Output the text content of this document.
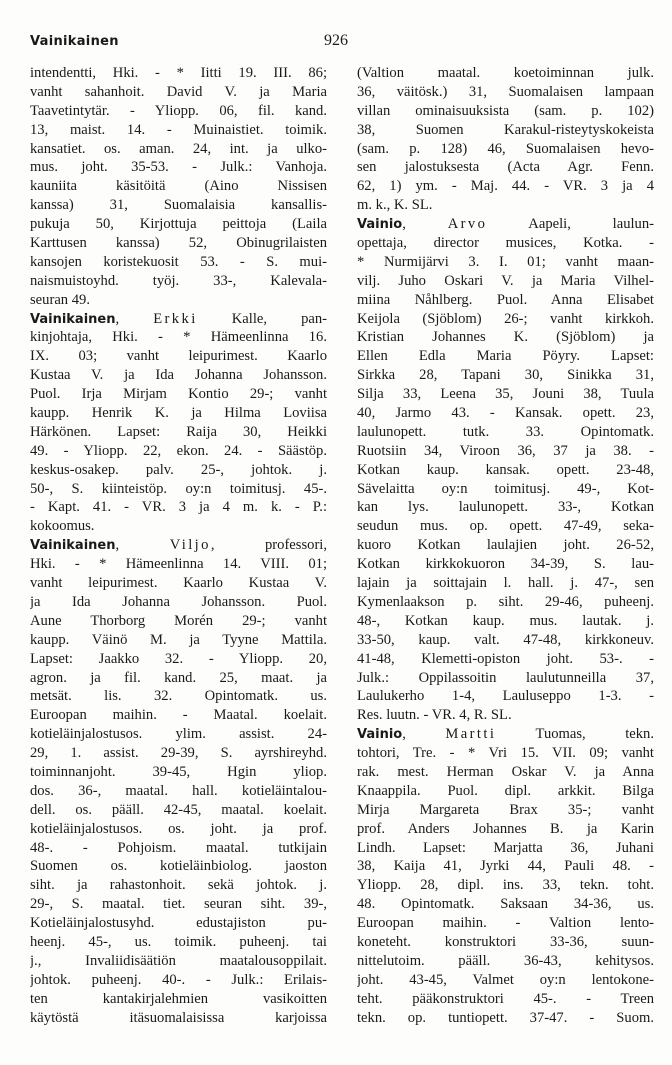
Vainikainen	926
intendentti, Hki. - * Iitti 19. III. 86;
vanht sahanhoit. David V. ja Maria
Taavetintytär. - Yliopp. 06, fil. kand.
13, maist. 14. - Muinaistiet. toimik.
kansatiet. os. aman. 24, int. ja ulko-
mus. joht. 35-53. - Julk.: Vanhoja.
kauniita käsitöitä (Aino Nissisen
kanssa) 31, Suomalaisia kansallis-
pukuja 50, Kirjottuja peittoja (Laila
Karttusen kanssa) 52, Obinugrilaisten
kansojen koristekuosit 53. - S. mui-
naismuistoyhd. työj. 33-, Kalevala-
seuran 49.
Vainikainen, Erkki Kalle, pan-
kinjohtaja, Hki. - * Hämeenlinna 16.
IX. 03; vanht leipurimest. Kaarlo
Kustaa V. ja Ida Johanna Johansson.
Puol. Irja Mirjam Kontio 29-; vanht
kaupp. Henrik K. ja Hilma Loviisa
Härkönen. Lapset: Raija 30, Heikki
49. - Yliopp. 22, ekon. 24. - Säästöp.
keskus-osakep. palv. 25-, johtok. j.
50-, S. kiinteistöp. oy:n toimitusj. 45-.
- Kapt. 41. - VR. 3 ja 4 m. k. - P.:
kokoomus.
Vainikainen, Viljo, professori,
Hki. - * Hämeenlinna 14. VIII. 01;
vanht leipurimest. Kaarlo Kustaa V.
ja Ida Johanna Johansson. Puol.
Aune Thorborg Morén 29-; vanht
kaupp. Väinö M. ja Tyyne Mattila.
Lapset: Jaakko 32. - Yliopp. 20,
agron. ja fil. kand. 25, maat. ja
metsät. lis. 32. Opintomatk. us.
Euroopan maihin. - Maatal. koelait.
kotieläinjalostusos. ylim. assist. 24-
29, 1. assist. 29-39, S. ayrshireyhd.
toiminnanjoht. 39-45, Hgin yliop.
dos. 36-, maatal. hall. kotieläintalou-
dell. os. pääll. 42-45, maatal. koelait.
kotieläinjalostusos. os. joht. ja prof.
48-. - Pohjoism. maatal. tutkijain
Suomen os. kotieläinbiolog. jaoston
siht. ja rahastonhoit. sekä johtok. j.
29-, S. maatal. tiet. seuran siht. 39-,
Kotieläinjalostusyhd. edustajiston pu-
heenj. 45-, us. toimik. puheenj. tai
j., Invaliidisäätiön maatalousoppilait.
johtok. puheenj. 40-. - Julk.: Erilais-
ten kantakirjalehmien vasikoitten
käytöstä itäsuomalaisissa karjoissa
(Valtion maatal. koetoiminnan julk.
36, väitösk.) 31, Suomalaisen lampaan
villan ominaisuuksista (sam. p. 102)
38, Suomen Karakul-risteytyskokeista
(sam. p. 128) 46, Suomalaisen hevo-
sen jalostuksesta (Acta Agr. Fenn.
62, 1) ym. - Maj. 44. - VR. 3 ja 4
m. k., K. SL.
Vainio, Arvo Aapeli, laulun-
opettaja, director musices, Kotka. -
* Nurmijärvi 3. I. 01; vanht maan-
vilj. Juho Oskari V. ja Maria Vilhel-
miina Nåhlberg. Puol. Anna Elisabet
Keijola (Sjöblom) 26-; vanht kirkkoh.
Kristian Johannes K. (Sjöblom) ja
Ellen Edla Maria Pöyry. Lapset:
Sirkka 28, Tapani 30, Sinikka 31,
Silja 33, Leena 35, Jouni 38, Tuula
40, Jarmo 43. - Kansak. opett. 23,
laulunopett. tutk. 33. Opintomatk.
Ruotsiin 34, Viroon 36, 37 ja 38. -
Kotkan kaup. kansak. opett. 23-48,
Sävelaitta oy:n toimitusj. 49-, Kot-
kan lys. laulunopett. 33-, Kotkan
seudun mus. op. opett. 47-49, seka-
kuoro Kotkan laulajien joht. 26-52,
Kotkan kirkkokuoron 34-39, S. lau-
lajain ja soittajain l. hall. j. 47-, sen
Kymenlaakson p. siht. 29-46, puheenj.
48-, Kotkan kaup. mus. lautak. j.
33-50, kaup. valt. 47-48, kirkkoneuv.
41-48, Klemetti-opiston joht. 53-. -
Julk.: Oppilassoitin laulutunneilla 37,
Laulukerho 1-4, Lauluseppo 1-3. -
Res. luutn. - VR. 4, R. SL.
Vainio, Martti Tuomas, tekn.
tohtori, Tre. - * Vri 15. VII. 09; vanht
rak. mest. Herman Oskar V. ja Anna
Knaappila. Puol. dipl. arkkit. Bilga
Mirja Margareta Brax 35-; vanht
prof. Anders Johannes B. ja Karin
Lindh. Lapset: Marjatta 36, Juhani
38, Kaija 41, Jyrki 44, Pauli 48. -
Yliopp. 28, dipl. ins. 33, tekn. toht.
48. Opintomatk. Saksaan 34-36, us.
Euroopan maihin. - Valtion lento-
koneteht. konstruktori 33-36, suun-
nittelutoim. pääll. 36-43, kehitysos.
joht. 43-45, Valmet oy:n lentokone-
teht. pääkonstruktori 45-. - Treen
tekn. op. tuntiopett. 37-47. - Suom.
